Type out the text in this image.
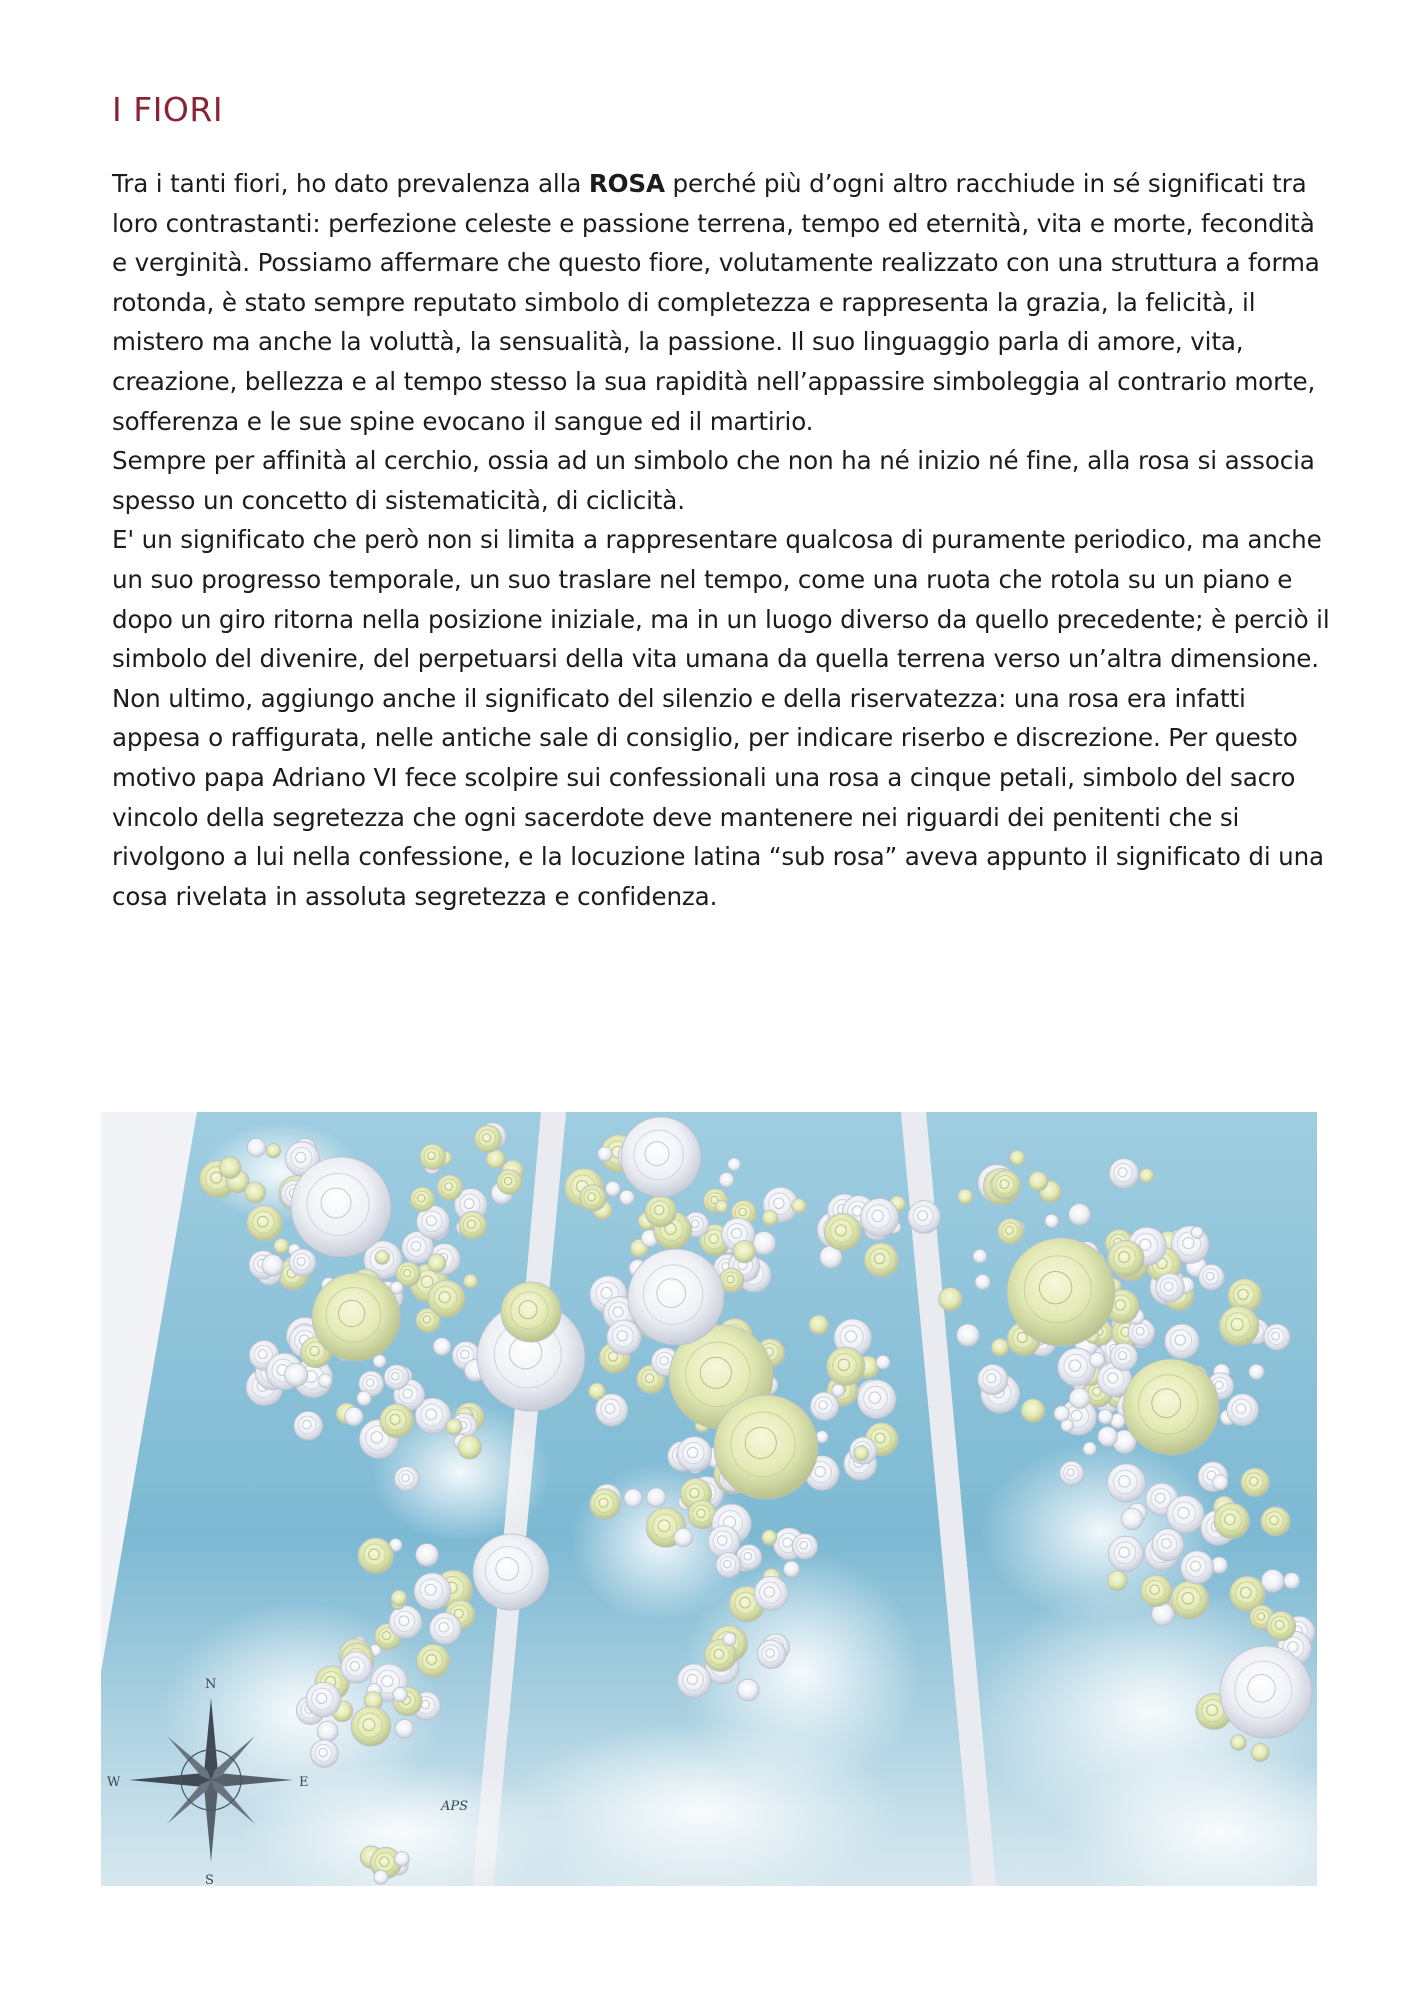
I FIORI

Tra i tanti fiori, ho dato prevalenza alla ROSA perché più d’ogni altro racchiude in sé significati tra loro contrastanti: perfezione celeste e passione terrena, tempo ed eternità, vita e morte, fecondità e verginità. Possiamo affermare che questo fiore, volutamente realizzato con una struttura a forma rotonda, è stato sempre reputato simbolo di completezza e rappresenta la grazia, la felicità, il mistero ma anche la voluttà, la sensualità, la passione. Il suo linguaggio parla di amore, vita, creazione, bellezza e al tempo stesso la sua rapidità nell’appassire simboleggia al contrario morte, sofferenza e le sue spine evocano il sangue ed il martirio.

Sempre per affinità al cerchio, ossia ad un simbolo che non ha né inizio né fine, alla rosa si associa spesso un concetto di sistematicità, di ciclicità.

E' un significato che però non si limita a rappresentare qualcosa di puramente periodico, ma anche un suo progresso temporale, un suo traslare nel tempo, come una ruota che rotola su un piano e dopo un giro ritorna nella posizione iniziale, ma in un luogo diverso da quello precedente; è perciò il simbolo del divenire, del perpetuarsi della vita umana da quella terrena verso un’altra dimensione.

Non ultimo, aggiungo anche il significato del silenzio e della riservatezza: una rosa era infatti appesa o raffigurata, nelle antiche sale di consiglio, per indicare riserbo e discrezione. Per questo motivo papa Adriano VI fece scolpire sui confessionali una rosa a cinque petali, simbolo del sacro vincolo della segretezza che ogni sacerdote deve mantenere nei riguardi dei penitenti che si rivolgono a lui nella confessione, e la locuzione latina “sub rosa” aveva appunto il significato di una cosa rivelata in assoluta segretezza e confidenza.

N
E
S
W
APS
